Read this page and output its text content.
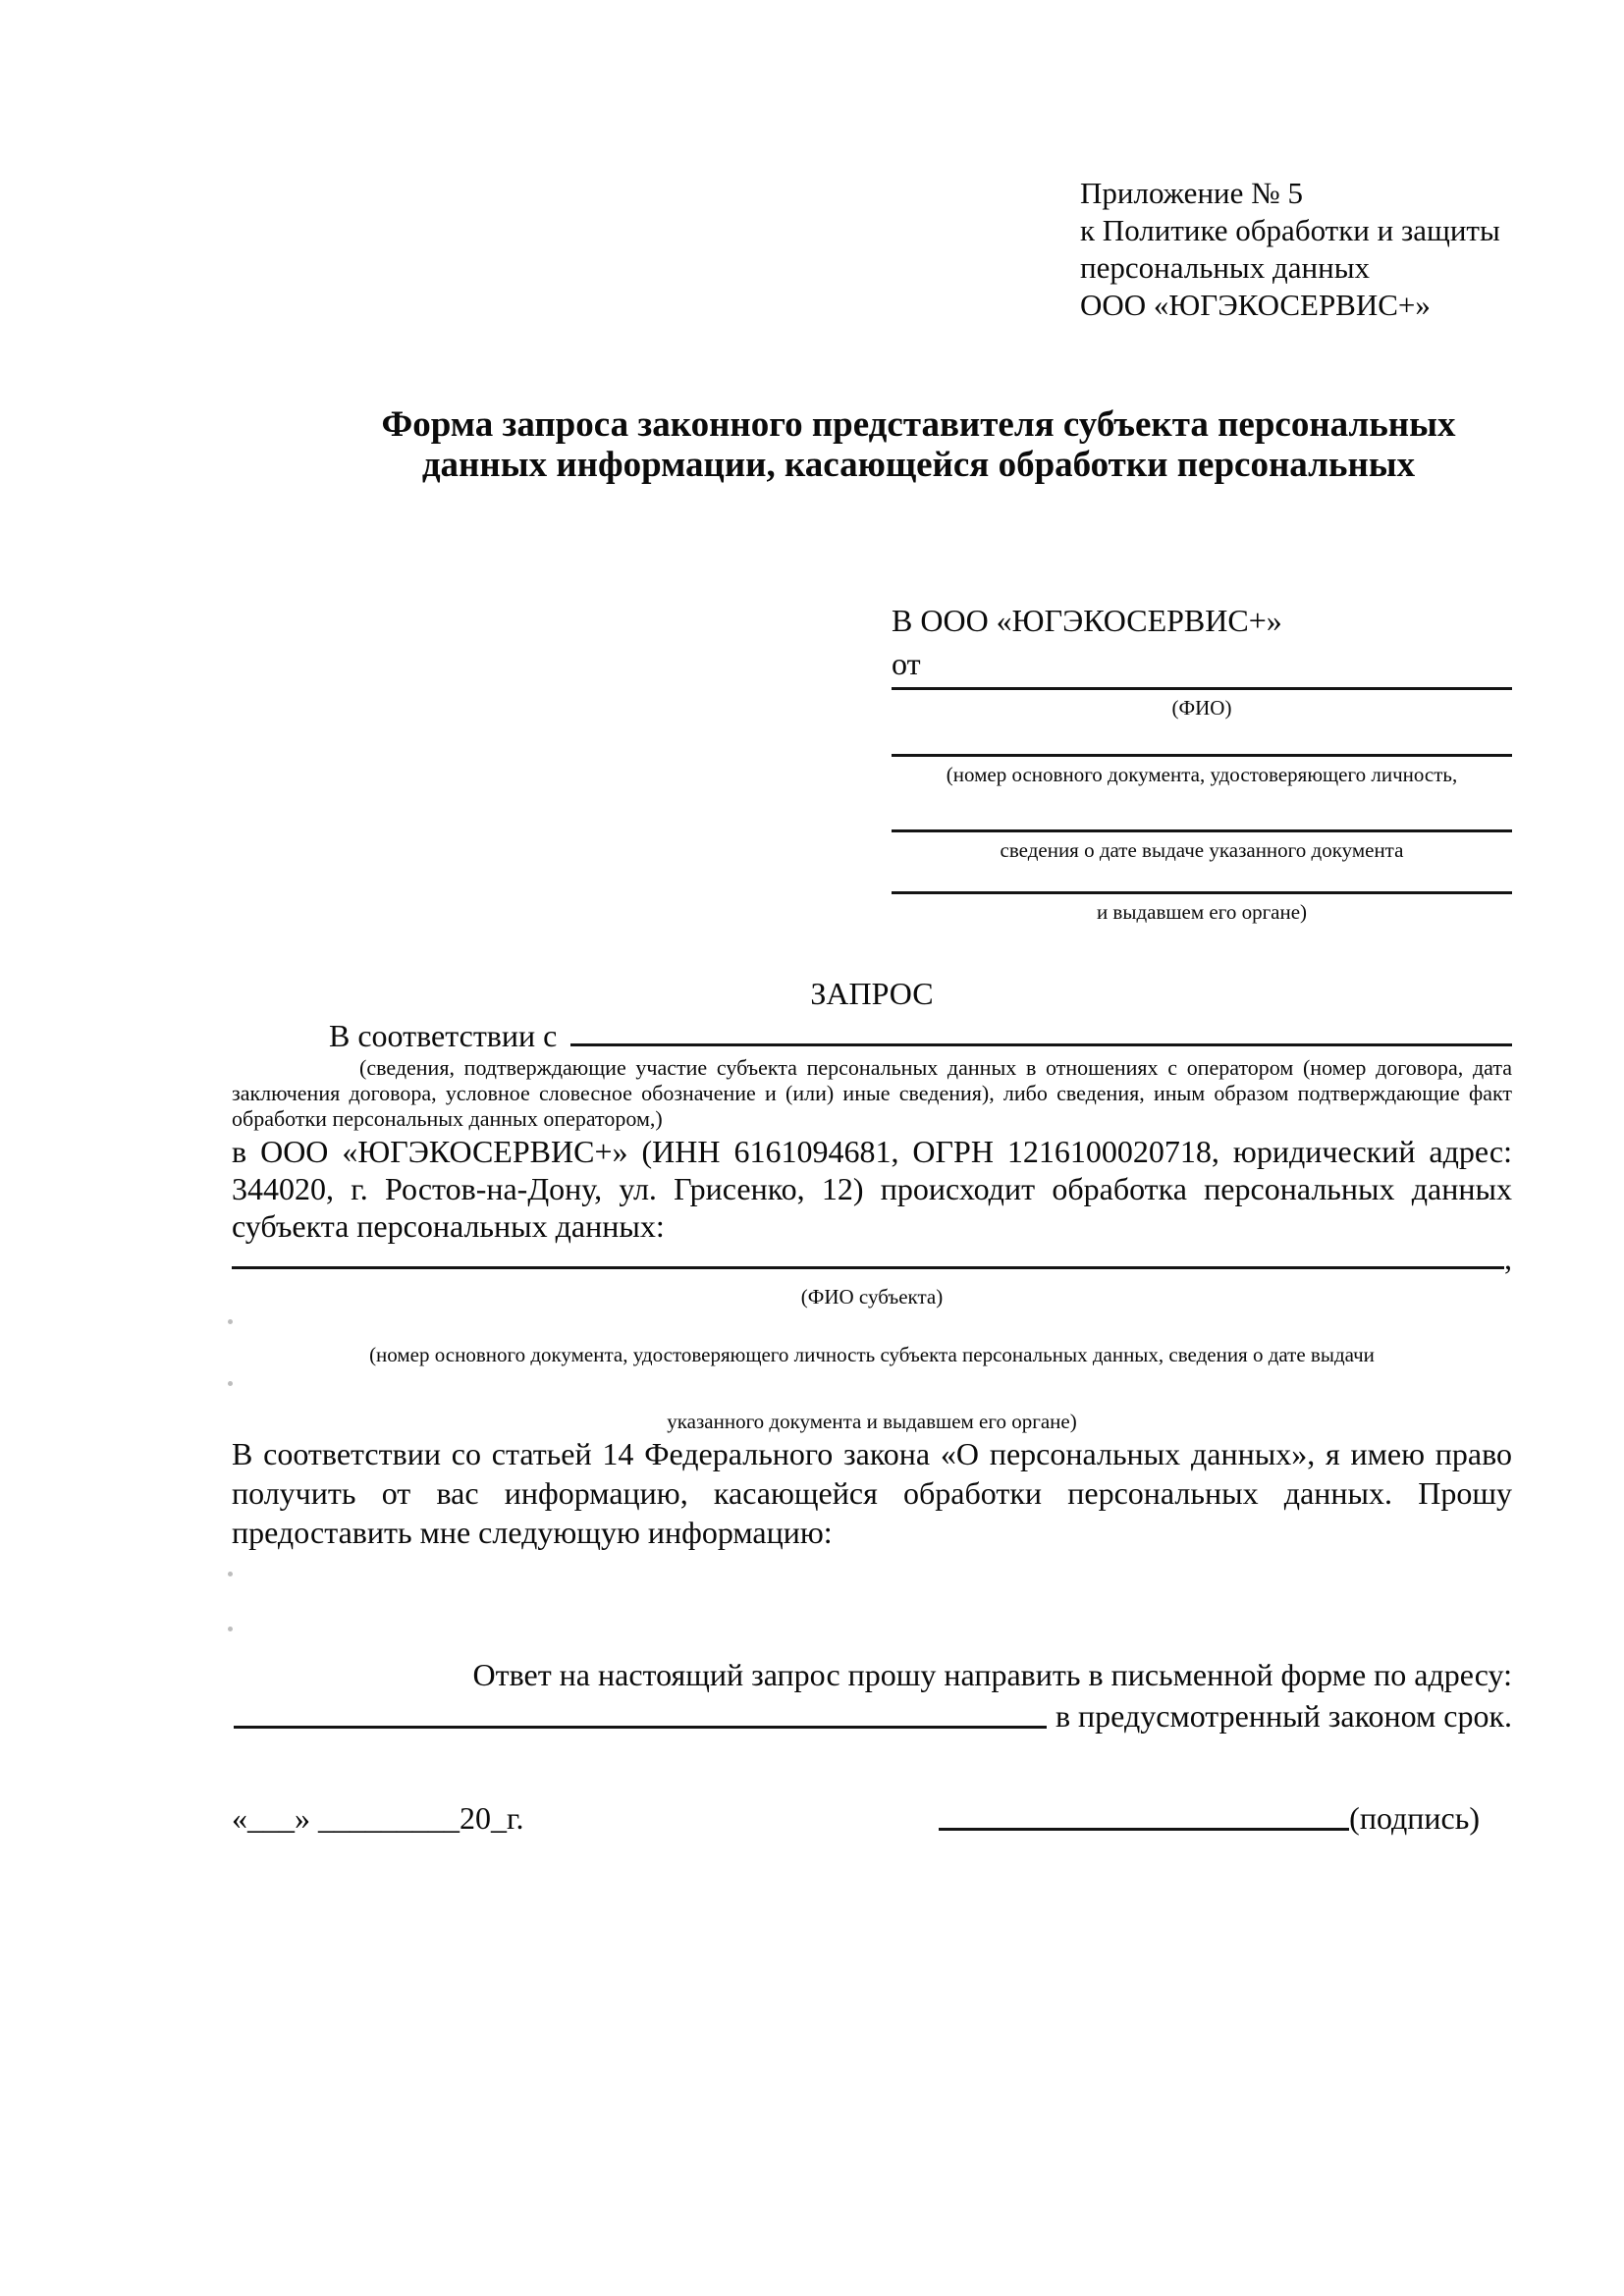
Приложение № 5
к Политике обработки и защиты
персональных данных
ООО «ЮГЭКОСЕРВИС+»
Форма запроса законного представителя субъекта персональных
данных информации, касающейся обработки персональных
В ООО «ЮГЭКОСЕРВИС+»
от
(ФИО)
(номер основного документа, удостоверяющего личность,
сведения о дате выдаче указанного документа
и выдавшем его органе)
ЗАПРОС
В соответствии с
(сведения, подтверждающие участие субъекта персональных данных в отношениях с оператором (номер договора, дата заключения договора, условное словесное обозначение и (или) иные сведения), либо сведения, иным образом подтверждающие факт обработки персональных данных оператором,)
в ООО «ЮГЭКОСЕРВИС+» (ИНН 6161094681, ОГРН 1216100020718, юридический адрес: 344020, г. Ростов-на-Дону, ул. Грисенко, 12) происходит обработка персональных данных субъекта персональных данных:
,
(ФИО субъекта)
(номер основного документа, удостоверяющего личность субъекта персональных данных, сведения о дате выдачи
указанного документа и выдавшем его органе)
В соответствии со статьей 14 Федерального закона «О персональных данных», я имею право получить от вас информацию, касающейся обработки персональных данных. Прошу предоставить мне следующую информацию:
Ответ на настоящий запрос прошу направить в письменной форме по адресу:
в предусмотренный законом срок.
«___» _________20_г.	(подпись)
